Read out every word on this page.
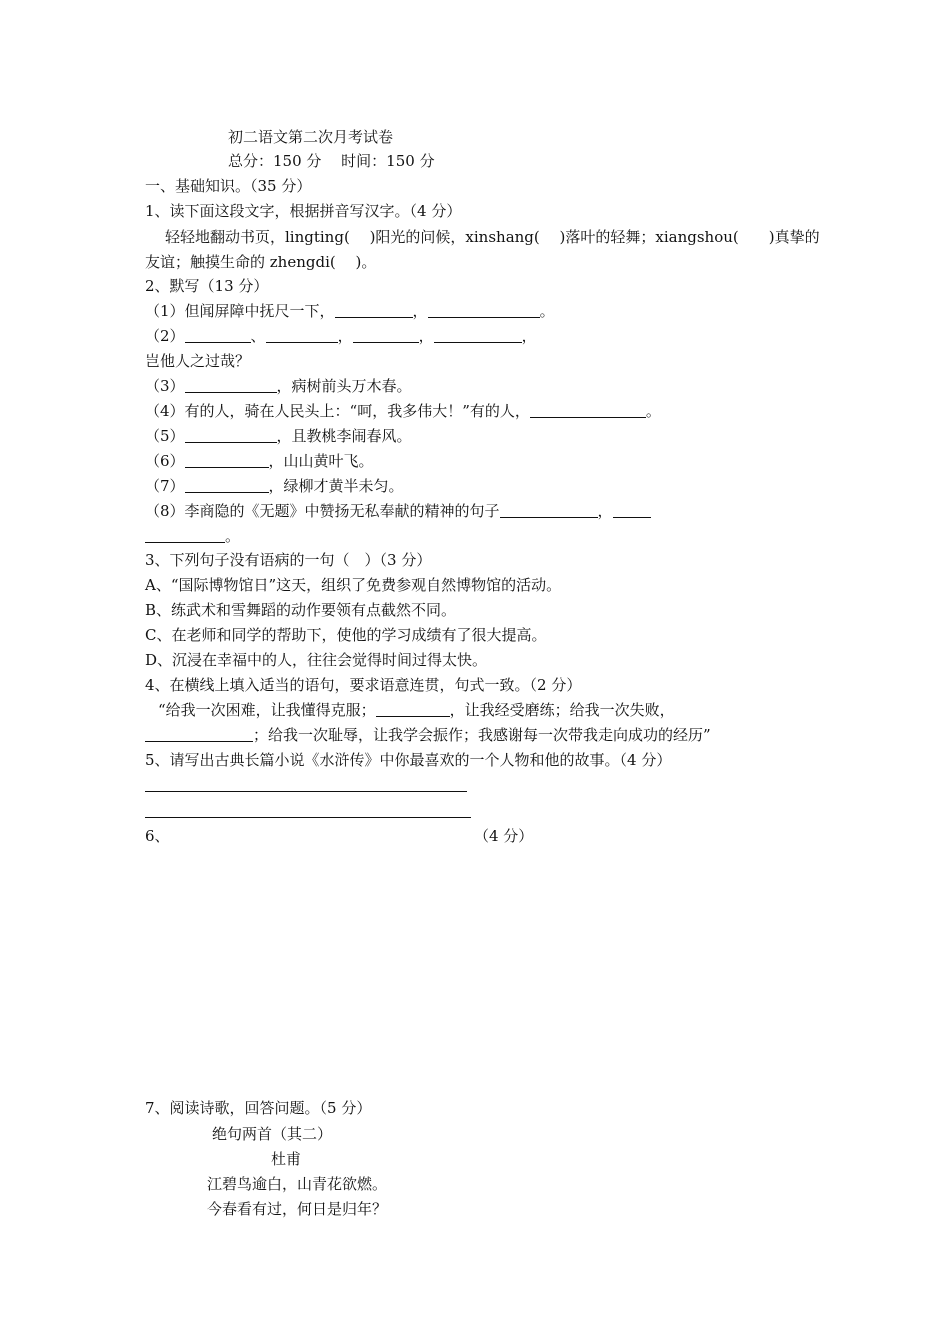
初二语文第二次月考试卷
总分：150 分　 时间：150 分
一、基础知识。（35 分）
1、读下面这段文字，根据拼音写汉字。（4 分）
轻轻地翻动书页，lingting(　 )阳光的问候，xinshang(　 )落叶的轻舞；xiangshou(　　)真挚的
友谊；触摸生命的 zhengdi(　 )。
2、默写（13 分）
（1）但闻屏障中抚尺一下，	，	。
（2）	、	，	，	，
岂他人之过哉？
（3）	，病树前头万木春。
（4）有的人，骑在人民头上：“呵，我多伟大！”有的人，	。
（5）	，且教桃李闹春风。
（6）	，山山黄叶飞。
（7）	，绿柳才黄半未匀。
（8）李商隐的《无题》中赞扬无私奉献的精神的句子	，
。
3、下列句子没有语病的一句（　）（3 分）
A、“国际博物馆日”这天，组织了免费参观自然博物馆的活动。
B、练武术和雪舞蹈的动作要领有点截然不同。
C、在老师和同学的帮助下，使他的学习成绩有了很大提高。
D、沉浸在幸福中的人，往往会觉得时间过得太快。
4、在横线上填入适当的语句，要求语意连贯，句式一致。（2 分）
“给我一次困难，让我懂得克服；	，让我经受磨练；给我一次失败，
；给我一次耻辱，让我学会振作；我感谢每一次带我走向成功的经历”
5、请写出古典长篇小说《水浒传》中你最喜欢的一个人物和他的故事。（4 分）
6、	（4 分）
7、阅读诗歌，回答问题。（5 分）
绝句两首（其二）
杜甫
江碧鸟逾白，山青花欲燃。
今春看有过，何日是归年？
